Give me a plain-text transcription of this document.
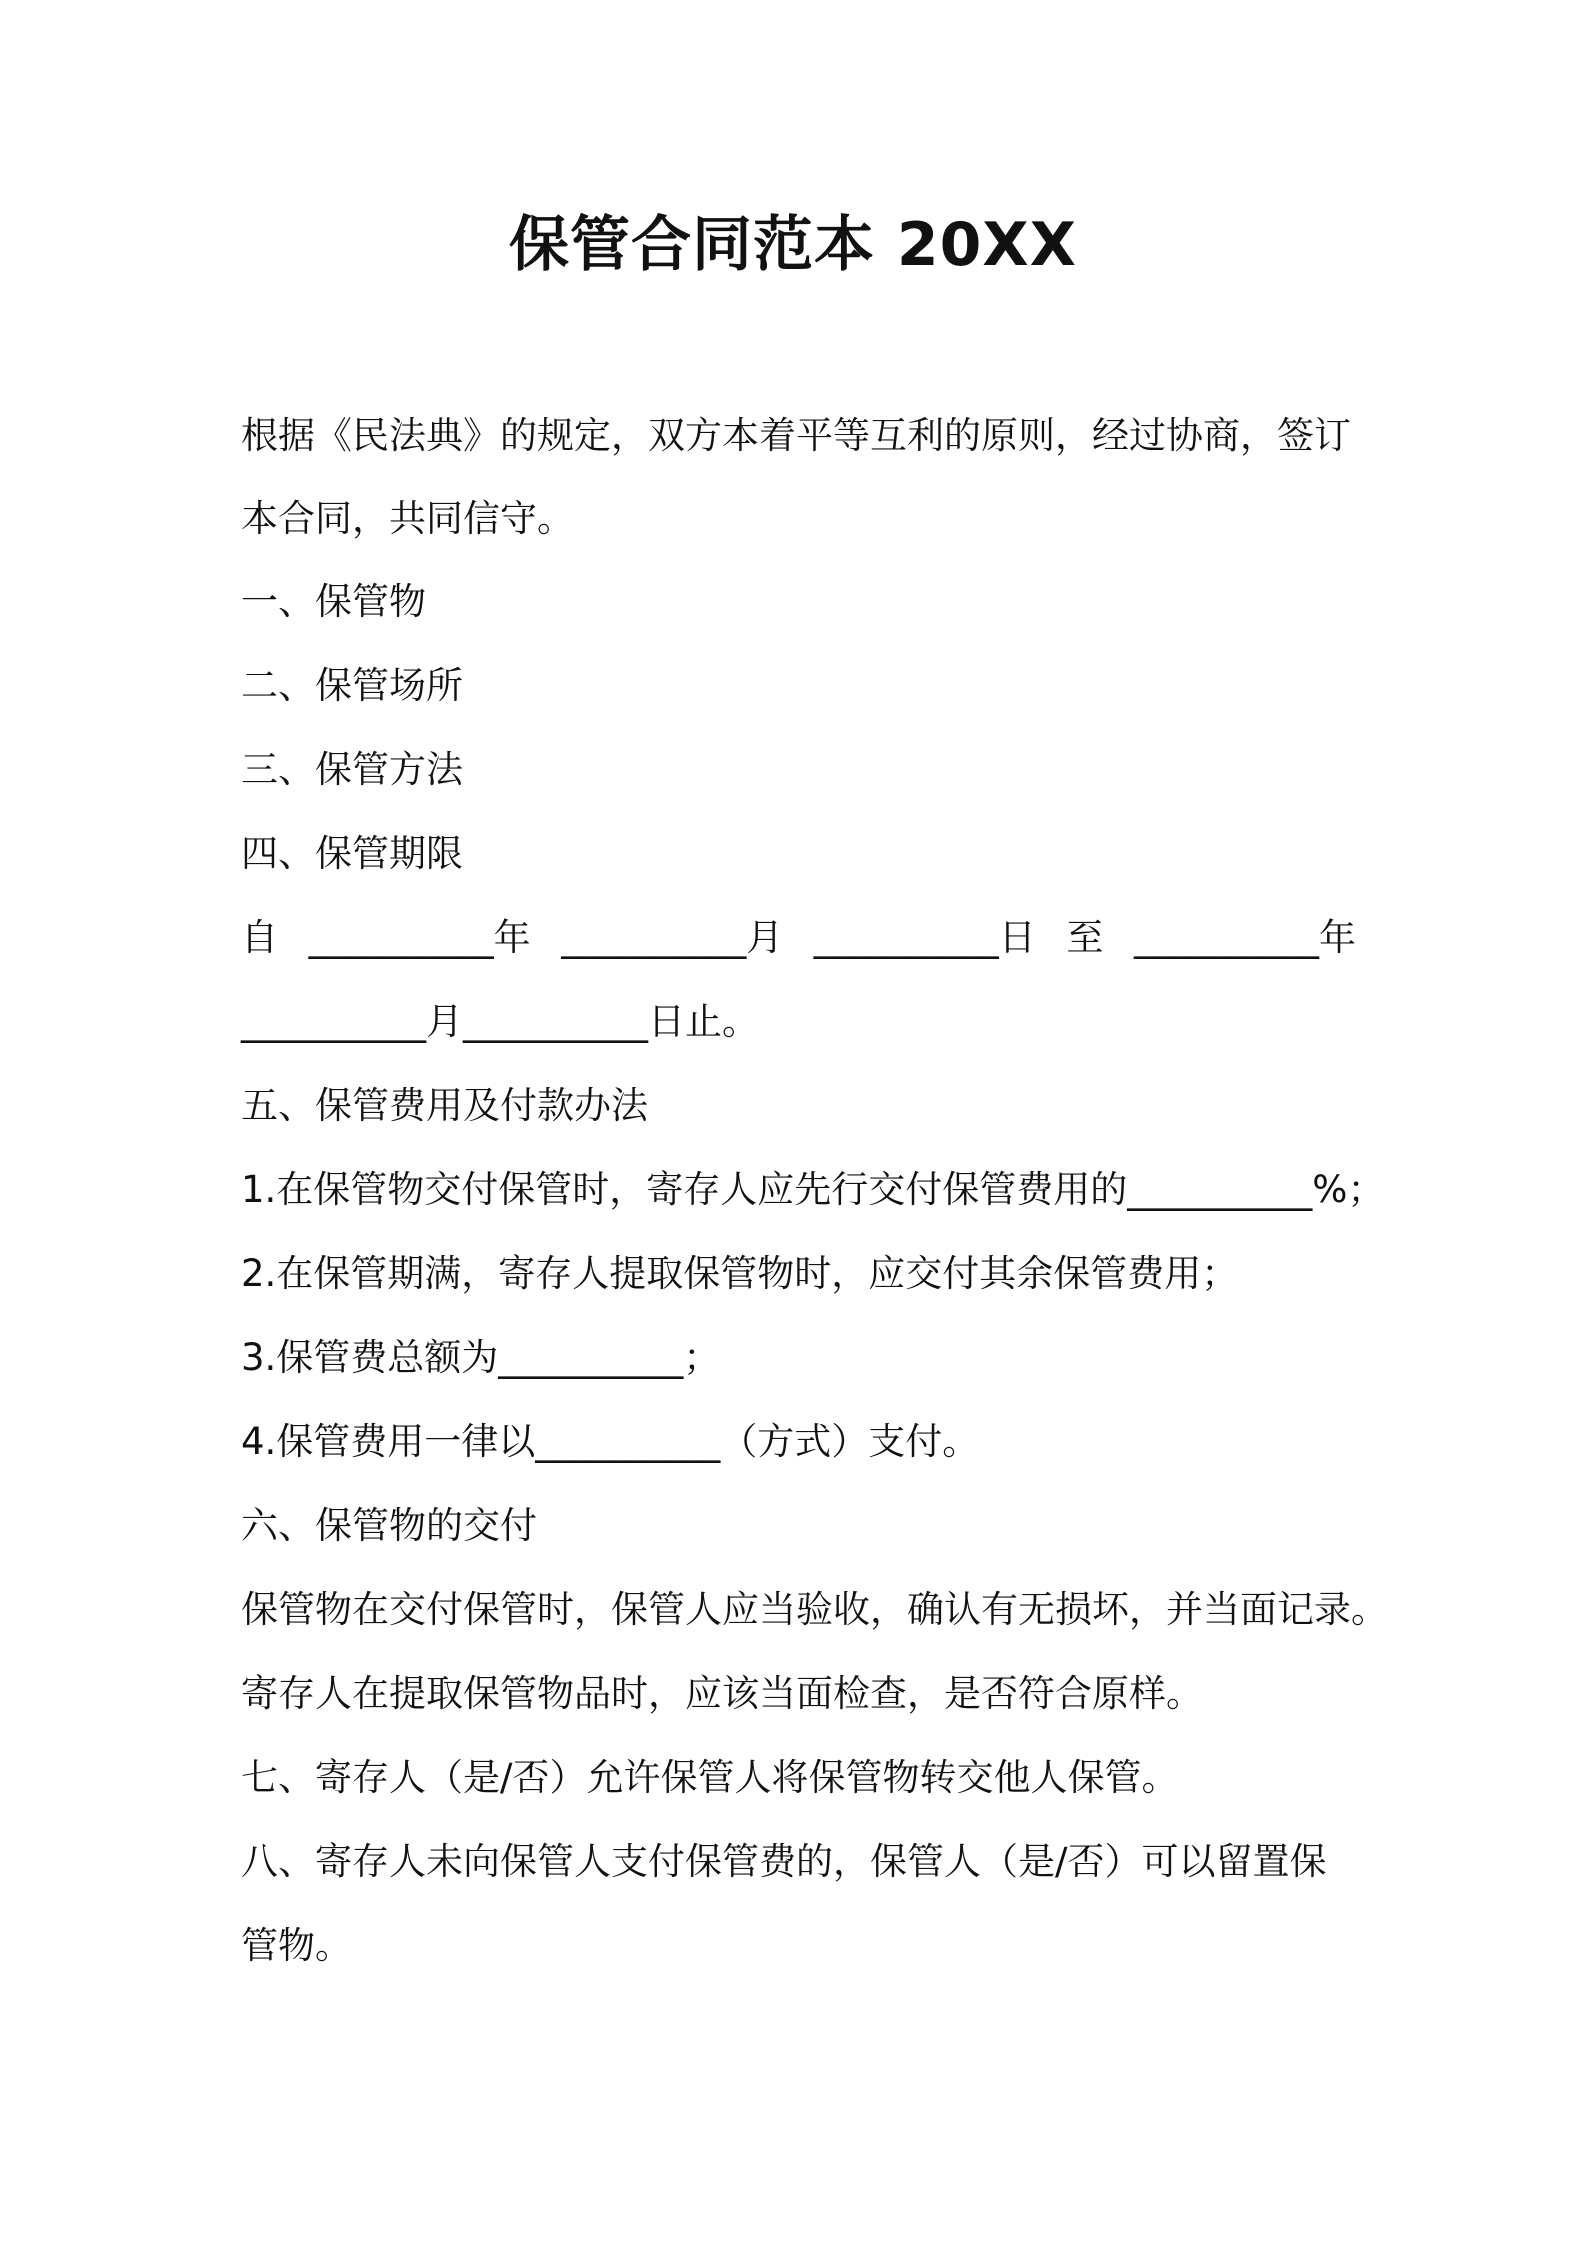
保管合同范本 20XX
根据《民法典》的规定，双方本着平等互利的原则，经过协商，签订
本合同，共同信守。
一、保管物
二、保管场所
三、保管方法
四、保管期限
自 __________年 __________月 __________日 至 __________年
__________月__________日止。
五、保管费用及付款办法
1.在保管物交付保管时，寄存人应先行交付保管费用的__________%；
2.在保管期满，寄存人提取保管物时，应交付其余保管费用；
3.保管费总额为__________；
4.保管费用一律以__________（方式）支付。
六、保管物的交付
保管物在交付保管时，保管人应当验收，确认有无损坏，并当面记录。
寄存人在提取保管物品时，应该当面检查，是否符合原样。
七、寄存人（是/否）允许保管人将保管物转交他人保管。
八、寄存人未向保管人支付保管费的，保管人（是/否）可以留置保
管物。
